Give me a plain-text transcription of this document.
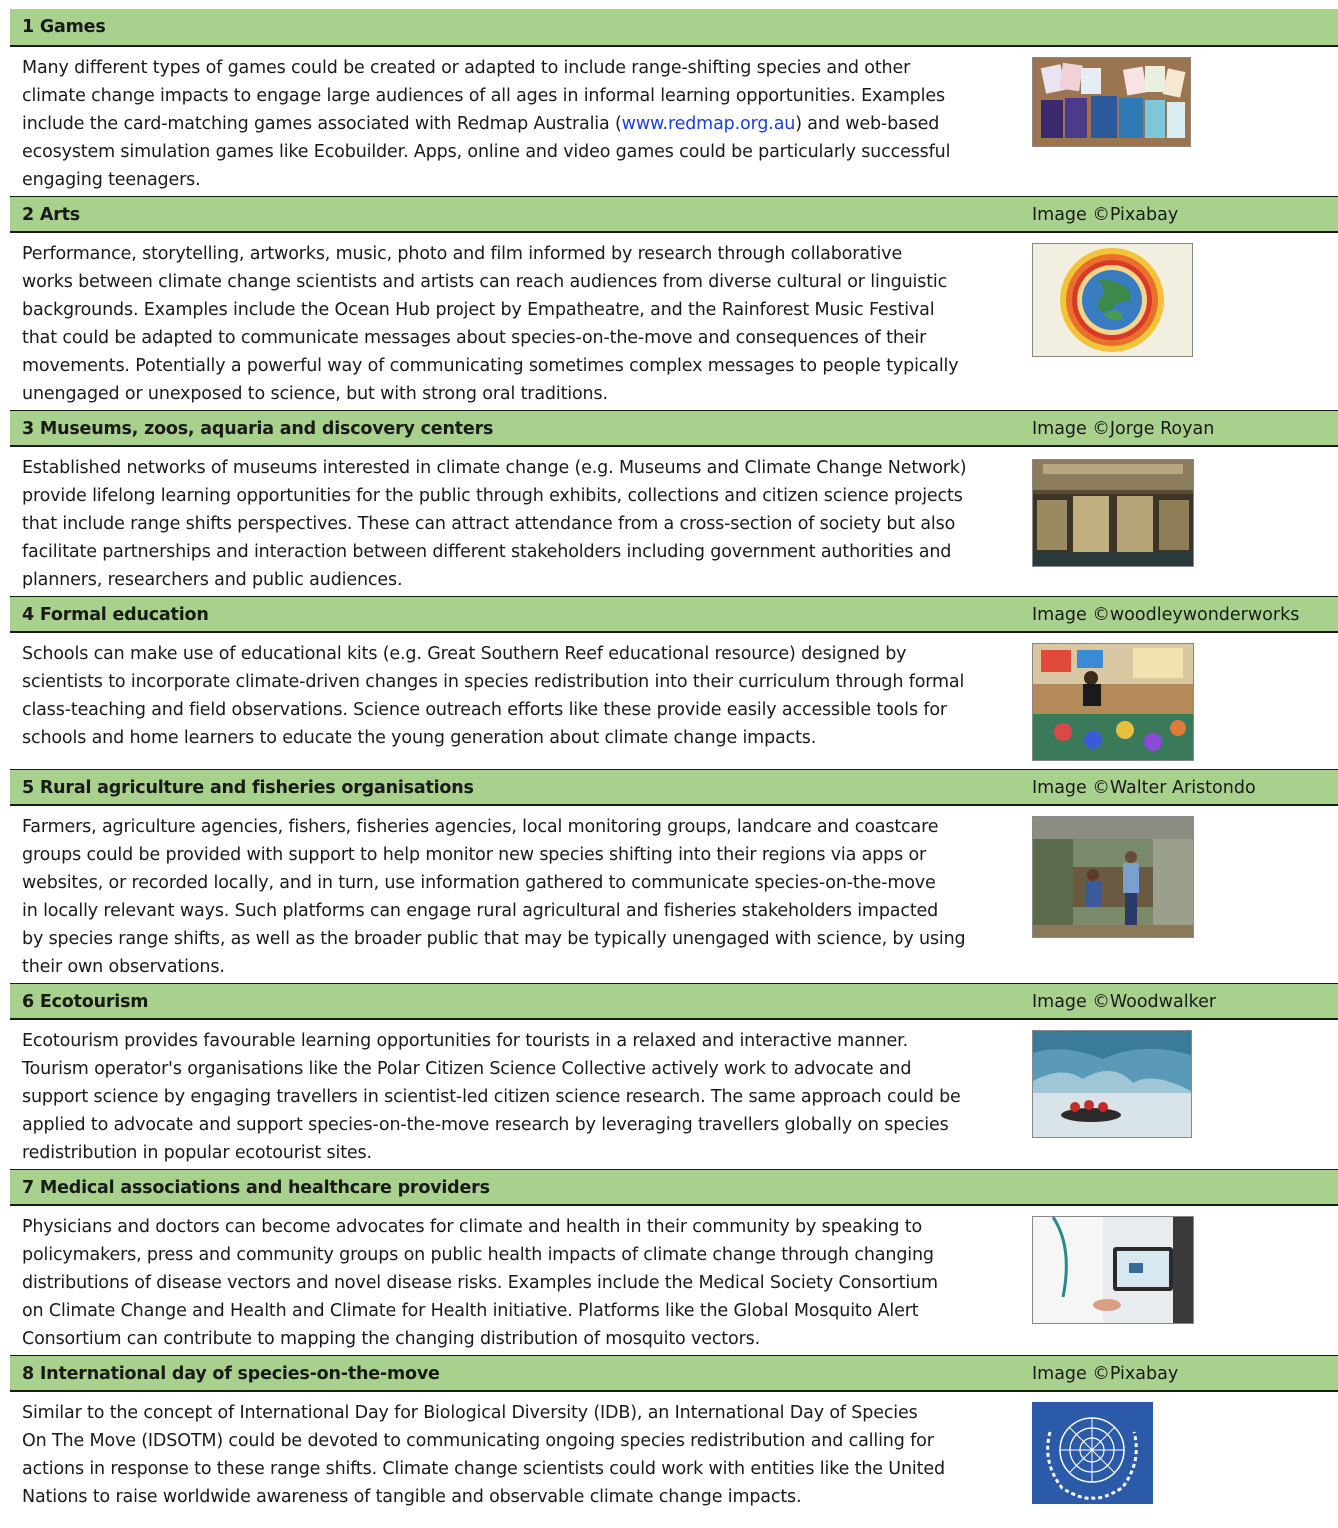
1 Games
Many different types of games could be created or adapted to include range-shifting species and other
climate change impacts to engage large audiences of all ages in informal learning opportunities. Examples
include the card-matching games associated with Redmap Australia (www.redmap.org.au) and web-based
ecosystem simulation games like Ecobuilder. Apps, online and video games could be particularly successful
engaging teenagers.
2 Arts	Image ©Pixabay
Performance, storytelling, artworks, music, photo and film informed by research through collaborative
works between climate change scientists and artists can reach audiences from diverse cultural or linguistic
backgrounds. Examples include the Ocean Hub project by Empatheatre, and the Rainforest Music Festival
that could be adapted to communicate messages about species-on-the-move and consequences of their
movements. Potentially a powerful way of communicating sometimes complex messages to people typically
unengaged or unexposed to science, but with strong oral traditions.
3 Museums, zoos, aquaria and discovery centers	Image ©Jorge Royan
Established networks of museums interested in climate change (e.g. Museums and Climate Change Network)
provide lifelong learning opportunities for the public through exhibits, collections and citizen science projects
that include range shifts perspectives. These can attract attendance from a cross-section of society but also
facilitate partnerships and interaction between different stakeholders including government authorities and
planners, researchers and public audiences.
4 Formal education	Image ©woodleywonderworks
Schools can make use of educational kits (e.g. Great Southern Reef educational resource) designed by
scientists to incorporate climate-driven changes in species redistribution into their curriculum through formal
class-teaching and field observations. Science outreach efforts like these provide easily accessible tools for
schools and home learners to educate the young generation about climate change impacts.
5 Rural agriculture and fisheries organisations	Image ©Walter Aristondo
Farmers, agriculture agencies, fishers, fisheries agencies, local monitoring groups, landcare and coastcare
groups could be provided with support to help monitor new species shifting into their regions via apps or
websites, or recorded locally, and in turn, use information gathered to communicate species-on-the-move
in locally relevant ways. Such platforms can engage rural agricultural and fisheries stakeholders impacted
by species range shifts, as well as the broader public that may be typically unengaged with science, by using
their own observations.
6 Ecotourism	Image ©Woodwalker
Ecotourism provides favourable learning opportunities for tourists in a relaxed and interactive manner.
Tourism operator's organisations like the Polar Citizen Science Collective actively work to advocate and
support science by engaging travellers in scientist-led citizen science research. The same approach could be
applied to advocate and support species-on-the-move research by leveraging travellers globally on species
redistribution in popular ecotourist sites.
7 Medical associations and healthcare providers
Physicians and doctors can become advocates for climate and health in their community by speaking to
policymakers, press and community groups on public health impacts of climate change through changing
distributions of disease vectors and novel disease risks. Examples include the Medical Society Consortium
on Climate Change and Health and Climate for Health initiative. Platforms like the Global Mosquito Alert
Consortium can contribute to mapping the changing distribution of mosquito vectors.
8 International day of species-on-the-move	Image ©Pixabay
Similar to the concept of International Day for Biological Diversity (IDB), an International Day of Species
On The Move (IDSOTM) could be devoted to communicating ongoing species redistribution and calling for
actions in response to these range shifts. Climate change scientists could work with entities like the United
Nations to raise worldwide awareness of tangible and observable climate change impacts.
